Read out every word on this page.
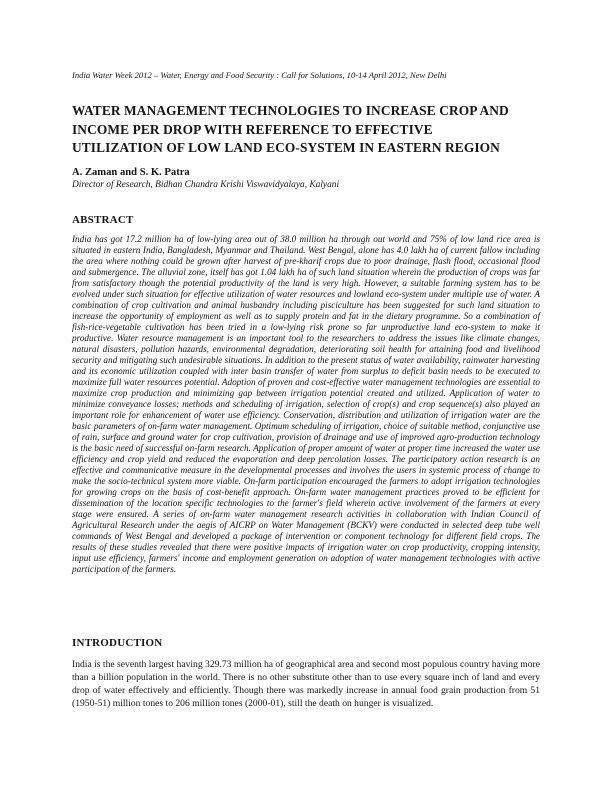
India Water Week 2012 – Water, Energy and Food Security : Call for Solutions, 10-14 April 2012, New Delhi
WATER MANAGEMENT TECHNOLOGIES TO INCREASE CROP AND
INCOME PER DROP WITH REFERENCE TO EFFECTIVE
UTILIZATION OF LOW LAND ECO-SYSTEM IN EASTERN REGION
A. Zaman and S. K. Patra
Director of Research, Bidhan Chandra Krishi Viswavidyalaya, Kalyani
ABSTRACT
India has got 17.2 million ha of low-lying area out of 38.0 million ha through out world and 75% of low land rice area is situated in eastern India, Bangladesh, Myanmar and Thailand. West Bengal, alone has 4.0 lakh ha of current fallow including the area where nothing could be grown after harvest of pre-kharif crops due to poor drainage, flash flood, occasional flood and submergence. The alluvial zone, itself has got 1.04 lakh ha of such land situation wherein the production of crops was far from satisfactory though the potential productivity of the land is very high. However, a suitable farming system has to be evolved under such situation for effective utilization of water resources and lowland eco-system under multiple use of water. A combination of crop cultivation and animal husbandry including pisciculture has been suggested for such land situation to increase the opportunity of employment as well as to supply protein and fat in the dietary programme. So a combination of fish-rice-vegetable cultivation has been tried in a low-lying risk prone so far unproductive land eco-system to make it productive. Water resource management is an important tool to the researchers to address the issues like climate changes, natural disasters, pollution hazards, environmental degradation, deteriorating soil health for attaining food and livelihood security and mitigating such undesirable situations. In addition to the present status of water availability, rainwater harvesting and its economic utilization coupled with inter basin transfer of water from surplus to deficit basin needs to be executed to maximize full water resources potential. Adoption of proven and cost-effective water management technologies are essential to maximize crop production and minimizing gap between irrigation potential created and utilized. Application of water to minimize conveyance losses; methods and scheduling of irrigation, selection of crop(s) and crop sequence(s) also played an important role for enhancement of water use efficiency. Conservation, distribution and utilization of irrigation water are the basic parameters of on-farm water management. Optimum scheduling of irrigation, choice of suitable method, conjunctive use of rain, surface and ground water for crop cultivation, provision of drainage and use of improved agro-production technology is the basic need of successful on-farm research. Application of proper amount of water at proper time increased the water use efficiency and crop yield and reduced the evaporation and deep percolation losses. The participatory action research is an effective and communicative measure in the developmental processes and involves the users in systemic process of change to make the socio-technical system more viable. On-farm participation encouraged the farmers to adopt irrigation technologies for growing crops on the basis of cost-benefit approach. On-farm water management practices proved to be efficient for dissemination of the location specific technologies to the farmer's field wherein active involvement of the farmers at every stage were ensured. A series of on-farm water management research activities in collaboration with Indian Council of Agricultural Research under the aegis of AICRP on Water Management (BCKV) were conducted in selected deep tube well commands of West Bengal and developed a package of intervention or component technology for different field crops. The results of these studies revealed that there were positive impacts of irrigation water on crop productivity, cropping intensity, input use efficiency, farmers' income and employment generation on adoption of water management technologies with active participation of the farmers.
INTRODUCTION
India is the seventh largest having 329.73 million ha of geographical area and second most populous country having more than a billion population in the world. There is no other substitute other than to use every square inch of land and every drop of water effectively and efficiently. Though there was markedly increase in annual food grain production from 51 (1950-51) million tones to 206 million tones (2000-01), still the death on hunger is visualized.
